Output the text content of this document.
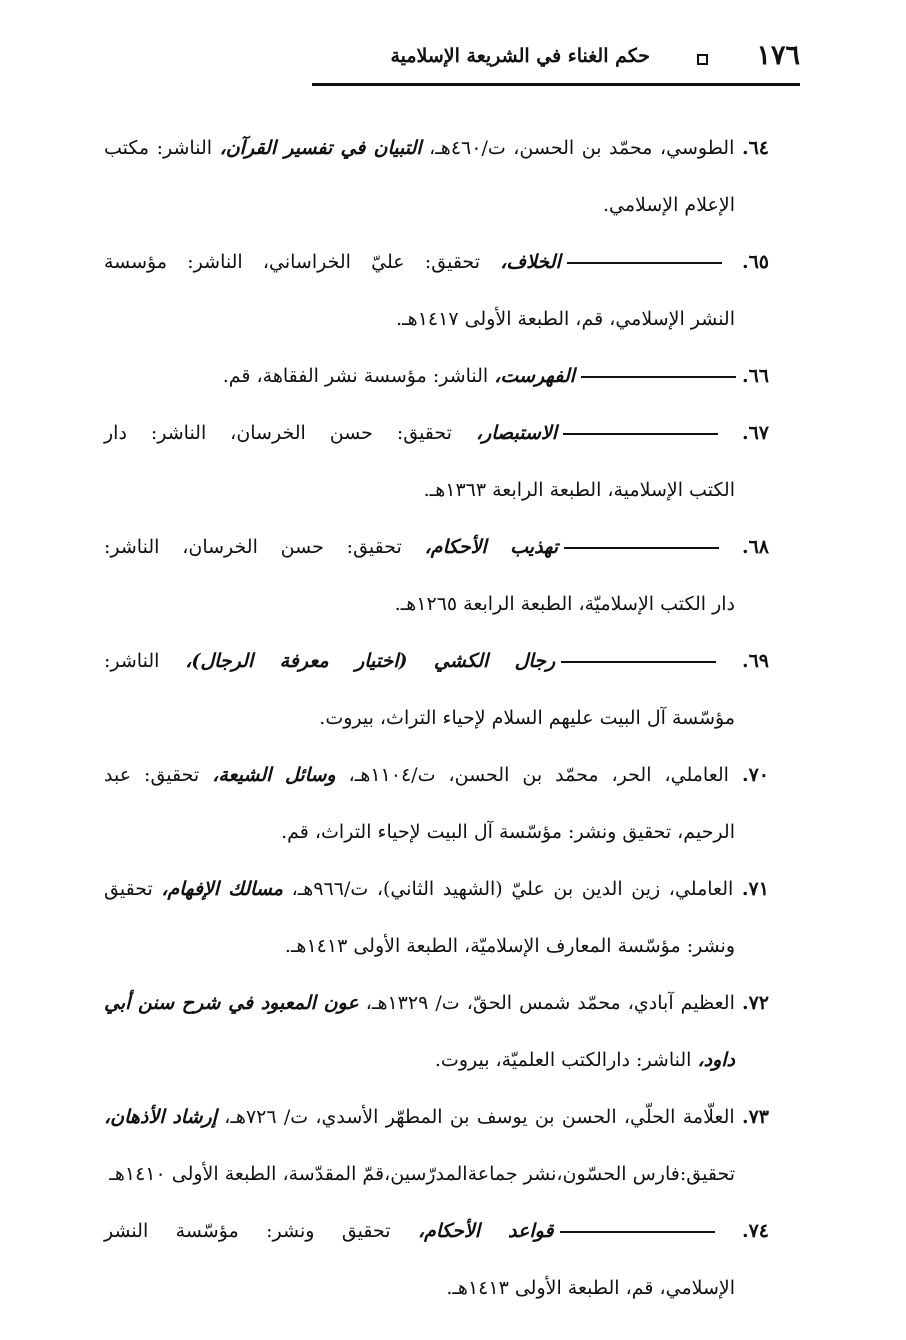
١٧٦
حكم الغناء في الشريعة الإسلامية
٦٤. الطوسي، محمّد بن الحسن، ت/٤٦٠هـ، التبيان في تفسير القرآن، الناشر: مكتب
الإعلام الإسلامي.
٦٥. الخلاف، تحقيق: عليّ الخراساني، الناشر: مؤسسة
النشر الإسلامي، قم، الطبعة الأولى ١٤١٧هـ.
٦٦. الفهرست، الناشر: مؤسسة نشر الفقاهة، قم.
٦٧. الاستبصار، تحقيق: حسن الخرسان، الناشر: دار
الكتب الإسلامية، الطبعة الرابعة ١٣٦٣هـ.
٦٨. تهذيب الأحكام، تحقيق: حسن الخرسان، الناشر:
دار الكتب الإسلاميّة، الطبعة الرابعة ١٢٦٥هـ.
٦٩. رجال الكشي (اختيار معرفة الرجال)، الناشر:
مؤسّسة آل البيت عليهم السلام لإحياء التراث، بيروت.
٧٠. العاملي، الحر، محمّد بن الحسن، ت/١١٠٤هـ، وسائل الشيعة، تحقيق: عبد
الرحيم، تحقيق ونشر: مؤسّسة آل البيت لإحياء التراث، قم.
٧١. العاملي، زين الدين بن عليّ (الشهيد الثاني)، ت/٩٦٦هـ، مسالك الإفهام، تحقيق
ونشر: مؤسّسة المعارف الإسلاميّة، الطبعة الأولى ١٤١٣هـ.
٧٢. العظيم آبادي، محمّد شمس الحقّ، ت/ ١٣٢٩هـ، عون المعبود في شرح سنن أبي
داود، الناشر: دارالكتب العلميّة، بيروت.
٧٣. العلّامة الحلّي، الحسن بن يوسف بن المطهّر الأسدي، ت/ ٧٢٦هـ، إرشاد الأذهان،
تحقيق:فارس الحسّون،نشر جماعةالمدرّسين،قمّ المقدّسة، الطبعة الأولى ١٤١٠هـ
٧٤. قواعد الأحكام، تحقيق ونشر: مؤسّسة النشر
الإسلامي، قم، الطبعة الأولى ١٤١٣هـ.
